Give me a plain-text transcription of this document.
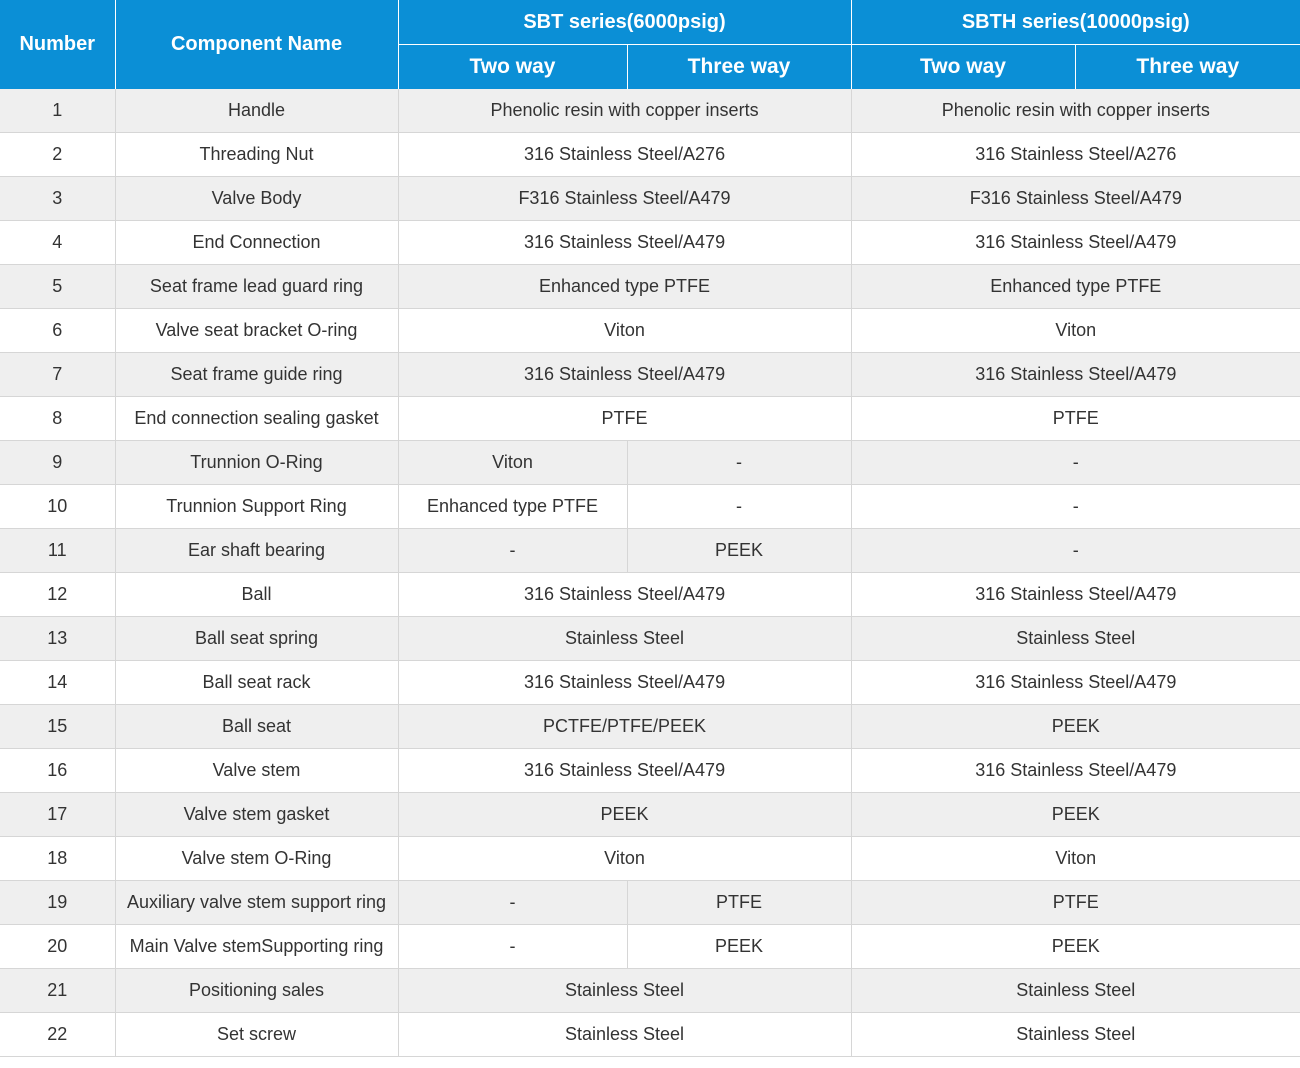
Number	Component Name	SBT series(6000psig)		SBTH series(10000psig)	
		Two way	Three way	Two way	Three way
1	Handle	Phenolic resin with copper inserts		Phenolic resin with copper inserts	
2	Threading Nut	316 Stainless Steel/A276		316 Stainless Steel/A276	
3	Valve Body	F316 Stainless Steel/A479		F316 Stainless Steel/A479	
4	End Connection	316 Stainless Steel/A479		316 Stainless Steel/A479	
5	Seat frame lead guard ring	Enhanced type PTFE		Enhanced type PTFE	
6	Valve seat bracket O-ring	Viton		Viton	
7	Seat frame guide ring	316 Stainless Steel/A479		316 Stainless Steel/A479	
8	End connection sealing gasket	PTFE		PTFE	
9	Trunnion O-Ring	Viton	-	-	
10	Trunnion Support Ring	Enhanced type PTFE	-	-	
11	Ear shaft bearing	-	PEEK	-	
12	Ball	316 Stainless Steel/A479		316 Stainless Steel/A479	
13	Ball seat spring	Stainless Steel		Stainless Steel	
14	Ball seat rack	316 Stainless Steel/A479		316 Stainless Steel/A479	
15	Ball seat	PCTFE/PTFE/PEEK		PEEK	
16	Valve stem	316 Stainless Steel/A479		316 Stainless Steel/A479	
17	Valve stem gasket	PEEK		PEEK	
18	Valve stem O-Ring	Viton		Viton	
19	Auxiliary valve stem support ring	-	PTFE	PTFE	
20	Main Valve stemSupporting ring	-	PEEK	PEEK	
21	Positioning sales	Stainless Steel		Stainless Steel	
22	Set screw	Stainless Steel		Stainless Steel	
